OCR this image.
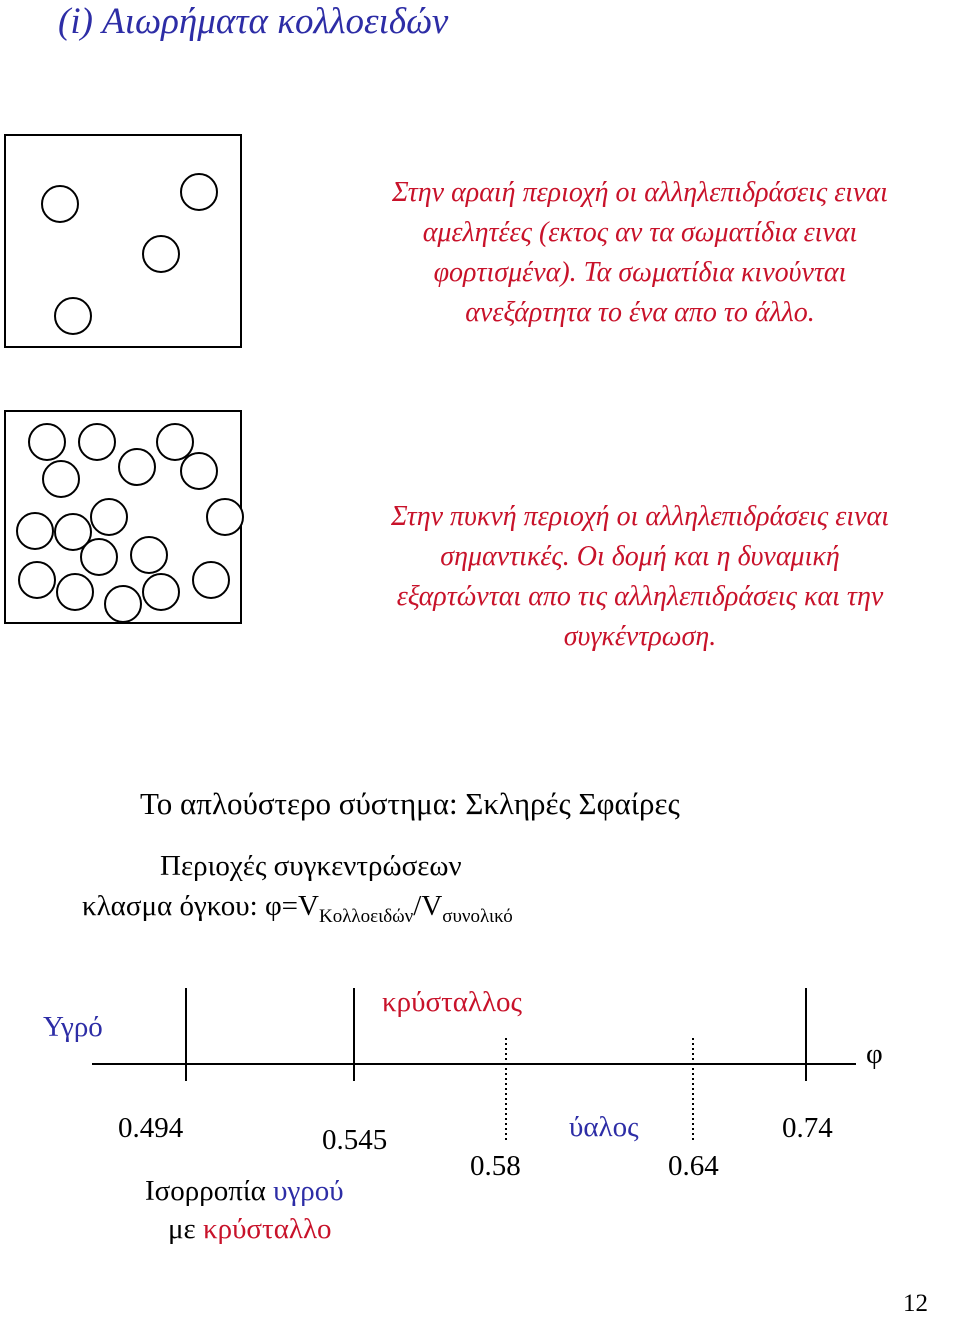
(i) Αιωρήματα κολλοειδών
Στην αραιή περιοχή οι αλληλεπιδράσεις ειναι
αμελητέες (εκτος αν τα σωματίδια ειναι
φορτισμένα). Τα σωματίδια κινούνται
ανεξάρτητα το ένα απο το άλλο.
Στην πυκνή περιοχή οι αλληλεπιδράσεις ειναι
σημαντικές. Οι δομή και η δυναμική
εξαρτώνται απο τις αλληλεπιδράσεις και την
συγκέντρωση.
Το απλούστερο σύστημα: Σκληρές Σφαίρες
Περιοχές συγκεντρώσεων
κλασμα όγκου: $\varphi=V_{Ko\lambda\lambda o\varepsilon\iota\delta ώ\nu}/V_{\sigma\upsilon\nu o\lambda\iota\kappa ό}$
Υγρό
κρύσταλλος
ύαλος
φ
0.494	0.545
0.58	0.64
0.74
Ισορροπία υγρού
με κρύσταλλο
12
